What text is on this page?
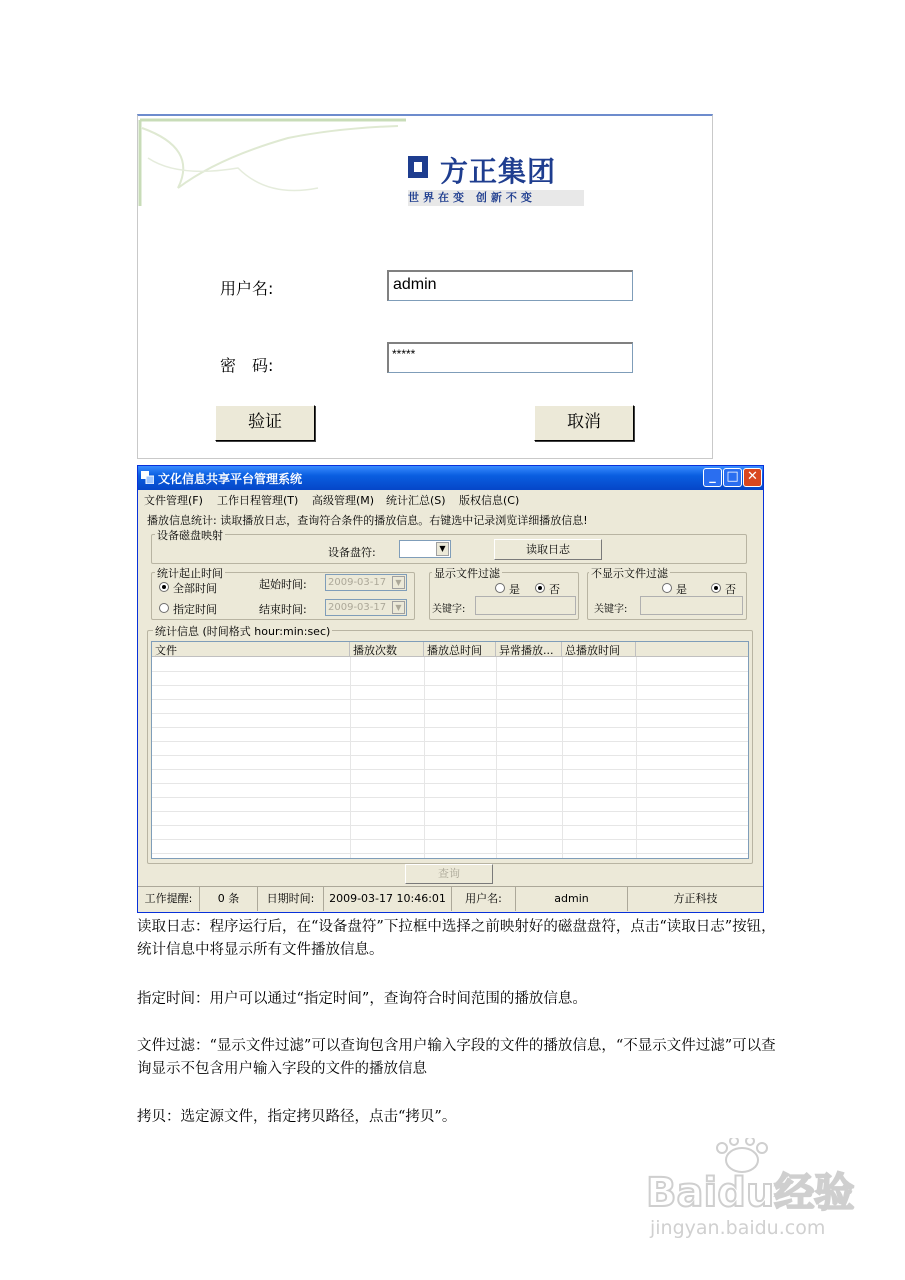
方正集团
世界在变 创新不变
用户名:	admin
密　码:
*****
验证	取消
文化信息共享平台管理系统	_ □ ✕
文件管理(F) 工作日程管理(T) 高级管理(M) 统计汇总(S) 版权信息(C)
播放信息统计: 读取播放日志，查询符合条件的播放信息。右键选中记录浏览详细播放信息!
设备磁盘映射
设备盘符:	▼	读取日志
统计起止时间
全部时间
指定时间
起始时间:	2009-03-17	▼
结束时间:	2009-03-17	▼
显示文件过滤
是	否
关键字:
不显示文件过滤
是	否
关键字:
统计信息 (时间格式 hour:min:sec)
文件	播放次数	播放总时间	异常播放...	总播放时间
查询
工作提醒:	0 条	日期时间:	2009-03-17 10:46:01	用户名:	admin	方正科技
读取日志：程序运行后，在“设备盘符”下拉框中选择之前映射好的磁盘盘符，点击“读取日志”按钮，统计信息中将显示所有文件播放信息。
指定时间：用户可以通过“指定时间”，查询符合时间范围的播放信息。
文件过滤：“显示文件过滤”可以查询包含用户输入字段的文件的播放信息，“不显示文件过滤”可以查询显示不包含用户输入字段的文件的播放信息
拷贝：选定源文件，指定拷贝路径，点击“拷贝”。
Baidu经验
jingyan.baidu.com
